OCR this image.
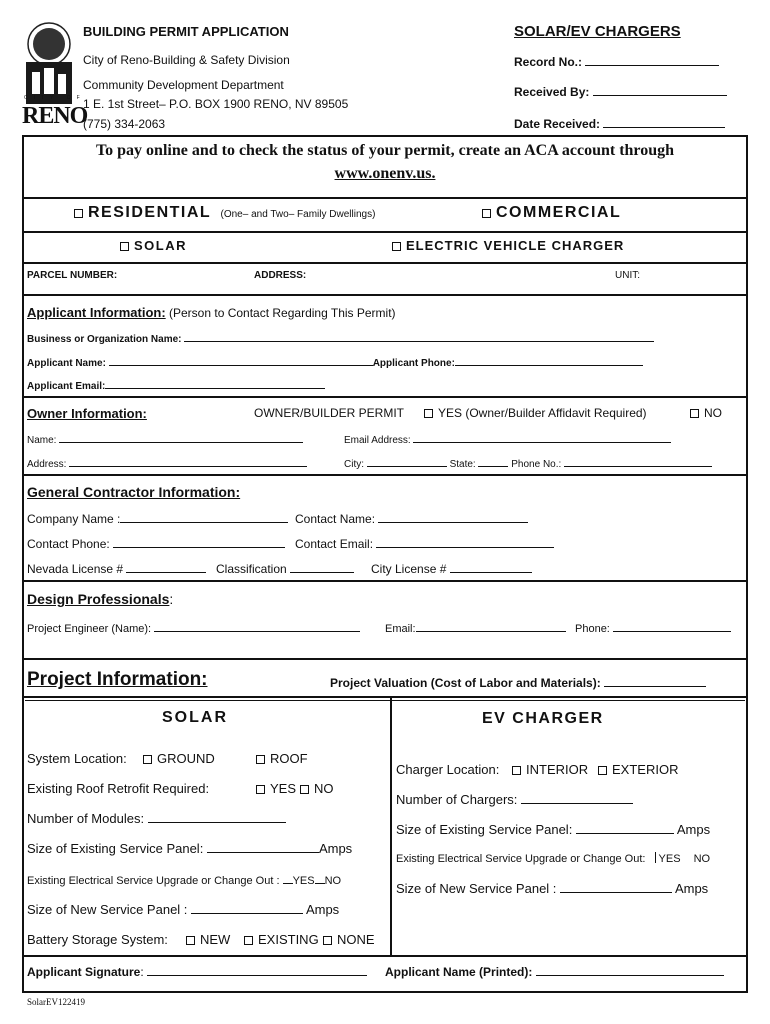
CITY OF
RENO
BUILDING PERMIT APPLICATION
City of Reno-Building & Safety Division
Community Development Department
1 E. 1st Street– P.O. BOX 1900 RENO, NV 89505
(775) 334-2063
SOLAR/EV CHARGERS
Record No.:
Received By:
Date Received:
To pay online and to check the status of your permit, create an ACA account through
www.onenv.us.
RESIDENTIAL (One– and Two– Family Dwellings)	COMMERCIAL
SOLAR	ELECTRIC VEHICLE CHARGER
PARCEL NUMBER:	ADDRESS:	UNIT:
Applicant Information: (Person to Contact Regarding This Permit)
Business or Organization Name:
Applicant Name:	Applicant Phone:
Applicant Email:
Owner Information:	OWNER/BUILDER PERMIT	YES (Owner/Builder Affidavit Required)	NO
Name:	Email Address:
Address:	City:	State:	Phone No.:
General Contractor Information:
Company Name :	Contact Name:
Contact Phone:	Contact Email:
Nevada License #	Classification	City License #
Design Professionals:
Project Engineer (Name):	Email:	Phone:
Project Information:	Project Valuation (Cost of Labor and Materials):
SOLAR
System Location:	GROUND	ROOF
Existing Roof Retrofit Required:	YES	NO
Number of Modules:
Size of Existing Service Panel:	Amps
Existing Electrical Service Upgrade or Change Out : YES NO
Size of New Service Panel :	Amps
Battery Storage System:	NEW	EXISTING	NONE
EV CHARGER
Charger Location:	INTERIOR	EXTERIOR
Number of Chargers:
Size of Existing Service Panel:	Amps
Existing Electrical Service Upgrade or Change Out: YES NO
Size of New Service Panel :	Amps
Applicant Signature:	Applicant Name (Printed):
SolarEV122419
